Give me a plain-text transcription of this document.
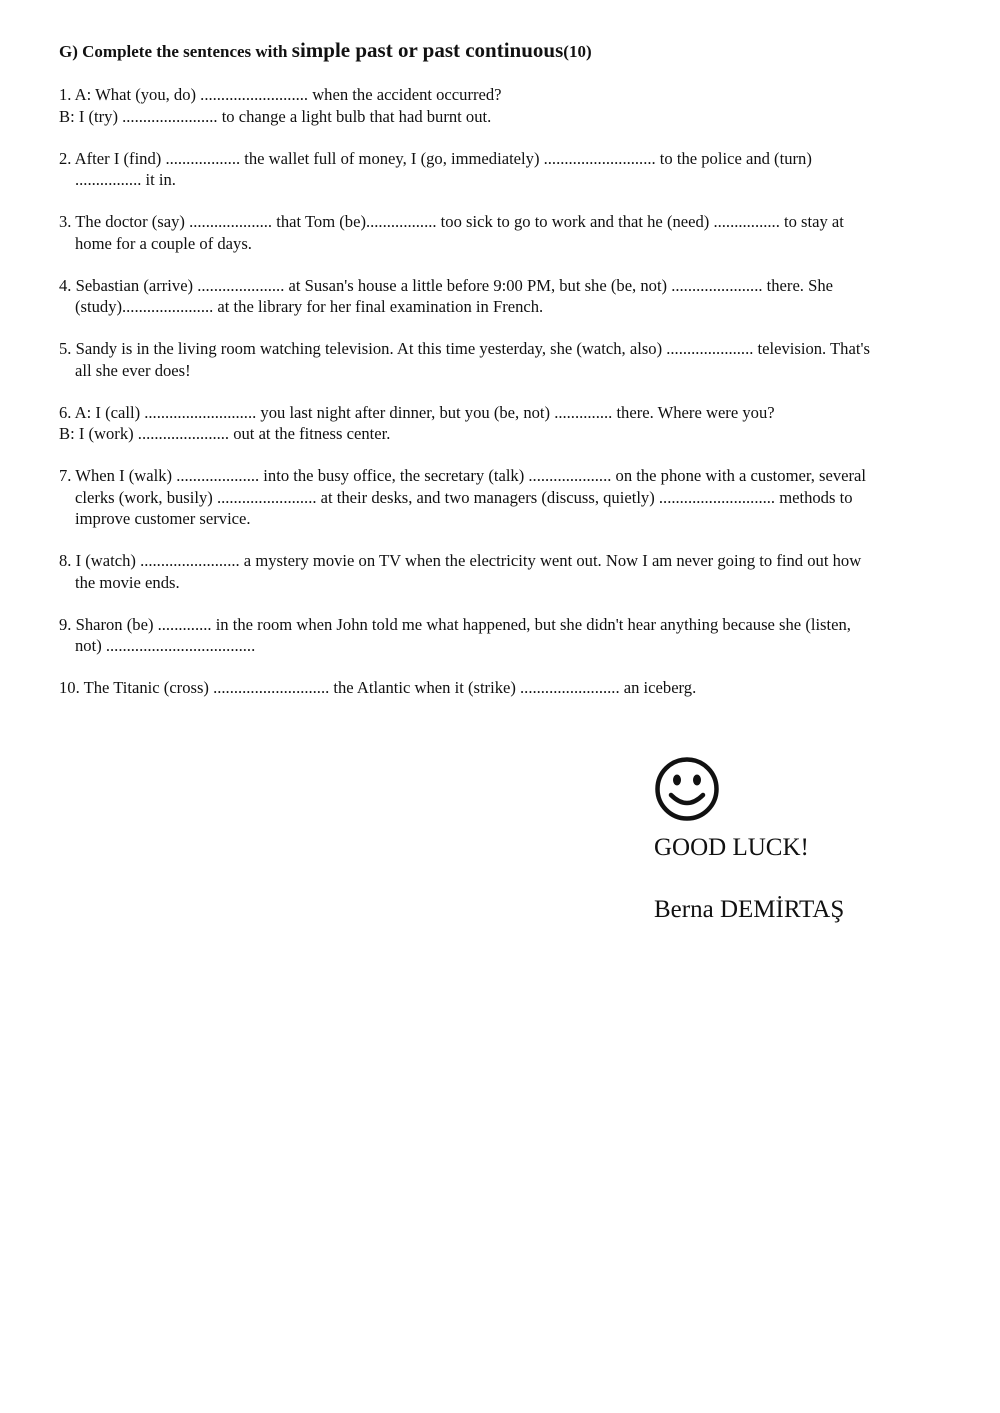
G) Complete the sentences with simple past or past continuous(10)

1. A: What (you, do) .......................... when the accident occurred?
B: I (try) ....................... to change a light bulb that had burnt out.
2. After I (find) .................. the wallet full of money, I (go, immediately) ........................... to the police and (turn)
................ it in.
3. The doctor (say) .................... that Tom (be)................. too sick to go to work and that he (need) ................ to stay at
home for a couple of days.
4. Sebastian (arrive) ..................... at Susan's house a little before 9:00 PM, but she (be, not) ...................... there. She
(study)...................... at the library for her final examination in French.
5. Sandy is in the living room watching television. At this time yesterday, she (watch, also) ..................... television. That's
all she ever does!
6. A: I (call) ........................... you last night after dinner, but you (be, not) .............. there. Where were you?
B: I (work) ...................... out at the fitness center.
7. When I (walk) .................... into the busy office, the secretary (talk) .................... on the phone with a customer, several
clerks (work, busily) ........................ at their desks, and two managers (discuss, quietly) ............................ methods to
improve customer service.
8. I (watch) ........................ a mystery movie on TV when the electricity went out. Now I am never going to find out how
the movie ends.
9. Sharon (be) ............. in the room when John told me what happened, but she didn't hear anything because she (listen,
not) ....................................
10. The Titanic (cross) ............................ the Atlantic when it (strike) ........................ an iceberg.
GOOD LUCK!
Berna DEMİRTAŞ
